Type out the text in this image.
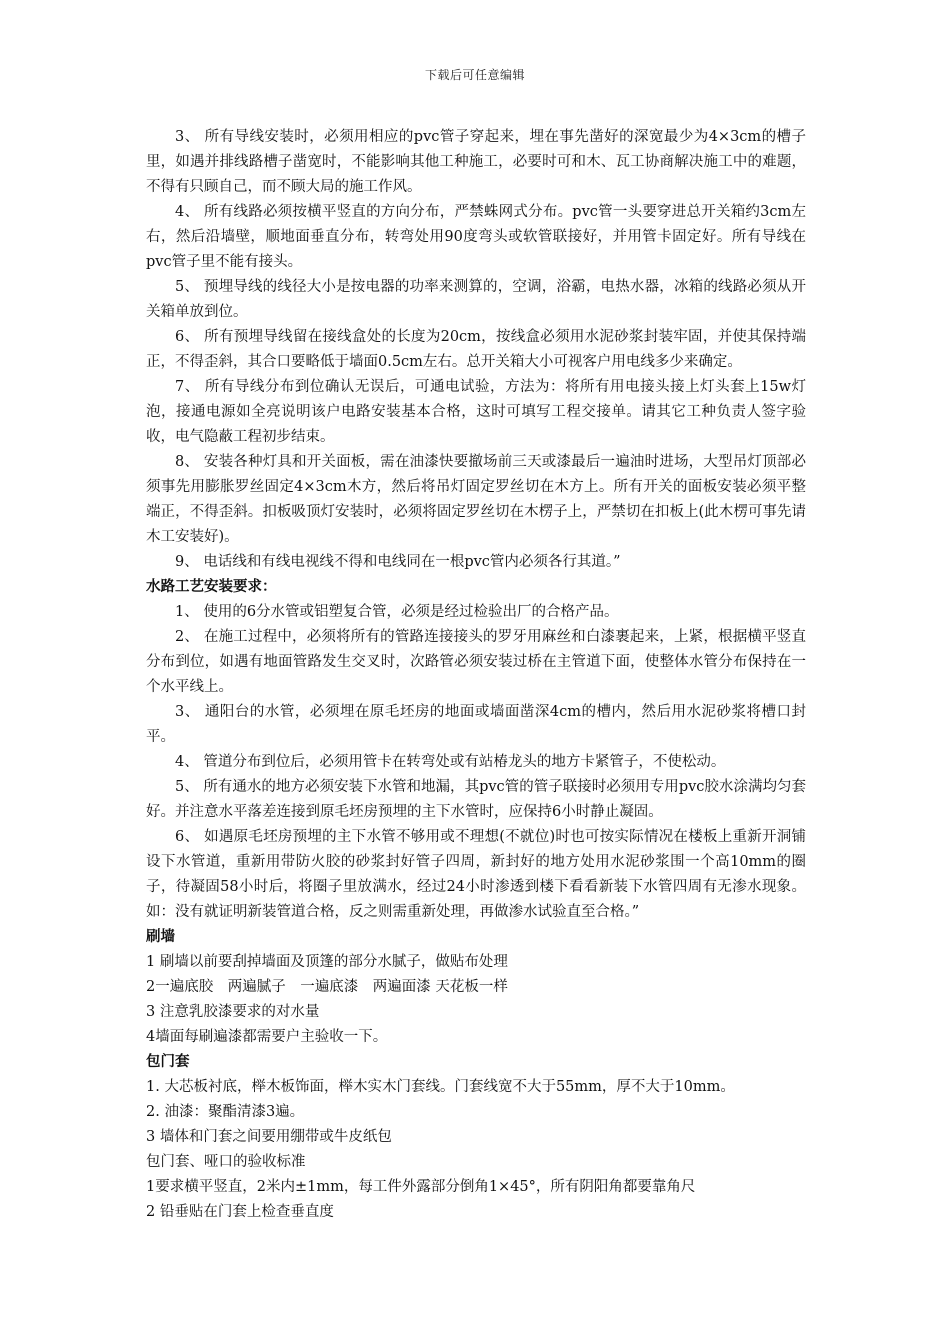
下载后可任意编辑

3、 所有导线安装时，必须用相应的pvc管子穿起来，埋在事先凿好的深宽最少为4×3cm的槽子里，如遇并排线路槽子凿宽时，不能影响其他工种施工，必要时可和木、瓦工协商解决施工中的难题，不得有只顾自己，而不顾大局的施工作风。

4、 所有线路必须按横平竖直的方向分布，严禁蛛网式分布。pvc管一头要穿进总开关箱约3cm左右，然后沿墙壁，顺地面垂直分布，转弯处用90度弯头或软管联接好，并用管卡固定好。所有导线在pvc管子里不能有接头。

5、 预埋导线的线径大小是按电器的功率来测算的，空调，浴霸，电热水器，冰箱的线路必须从开关箱单放到位。

6、 所有预埋导线留在接线盒处的长度为20cm，按线盒必须用水泥砂浆封装牢固，并使其保持端正，不得歪斜，其合口要略低于墙面0.5cm左右。总开关箱大小可视客户用电线多少来确定。

7、 所有导线分布到位确认无误后，可通电试验，方法为：将所有用电接头接上灯头套上15w灯泡，接通电源如全亮说明该户电路安装基本合格，这时可填写工程交接单。请其它工种负责人签字验收，电气隐蔽工程初步结束。

8、 安装各种灯具和开关面板，需在油漆快要撤场前三天或漆最后一遍油时进场，大型吊灯顶部必须事先用膨胀罗丝固定4×3cm木方，然后将吊灯固定罗丝切在木方上。所有开关的面板安装必须平整端正，不得歪斜。扣板吸顶灯安装时，必须将固定罗丝切在木楞子上，严禁切在扣板上(此木楞可事先请木工安装好)。

9、 电话线和有线电视线不得和电线同在一根pvc管内必须各行其道。”

水路工艺安装要求：

1、 使用的6分水管或铝塑复合管，必须是经过检验出厂的合格产品。

2、 在施工过程中，必须将所有的管路连接接头的罗牙用麻丝和白漆裹起来，上紧，根据横平竖直分布到位，如遇有地面管路发生交叉时，次路管必须安装过桥在主管道下面，使整体水管分布保持在一个水平线上。

3、 通阳台的水管，必须埋在原毛坯房的地面或墙面凿深4cm的槽内，然后用水泥砂浆将槽口封平。

4、 管道分布到位后，必须用管卡在转弯处或有站椿龙头的地方卡紧管子，不使松动。

5、 所有通水的地方必须安装下水管和地漏，其pvc管的管子联接时必须用专用pvc胶水涂满均匀套好。并注意水平落差连接到原毛坯房预埋的主下水管时，应保持6小时静止凝固。

6、 如遇原毛坯房预埋的主下水管不够用或不理想(不就位)时也可按实际情况在楼板上重新开洞铺设下水管道，重新用带防火胶的砂浆封好管子四周，新封好的地方处用水泥砂浆围一个高10mm的圈子，待凝固58小时后，将圈子里放满水，经过24小时渗透到楼下看看新装下水管四周有无渗水现象。如：没有就证明新装管道合格，反之则需重新处理，再做渗水试验直至合格。”

刷墙

1 刷墙以前要刮掉墙面及顶篷的部分水腻子，做贴布处理

2一遍底胶　两遍腻子　一遍底漆　两遍面漆 天花板一样

3 注意乳胶漆要求的对水量

4墙面每刷遍漆都需要户主验收一下。

包门套

1. 大芯板衬底，榉木板饰面，榉木实木门套线。门套线宽不大于55mm，厚不大于10mm。

2. 油漆：聚酯清漆3遍。

3 墙体和门套之间要用绷带或牛皮纸包

包门套、哑口的验收标准

1要求横平竖直，2米内±1mm，每工件外露部分倒角1×45°，所有阴阳角都要靠角尺

2 铅垂贴在门套上检查垂直度
